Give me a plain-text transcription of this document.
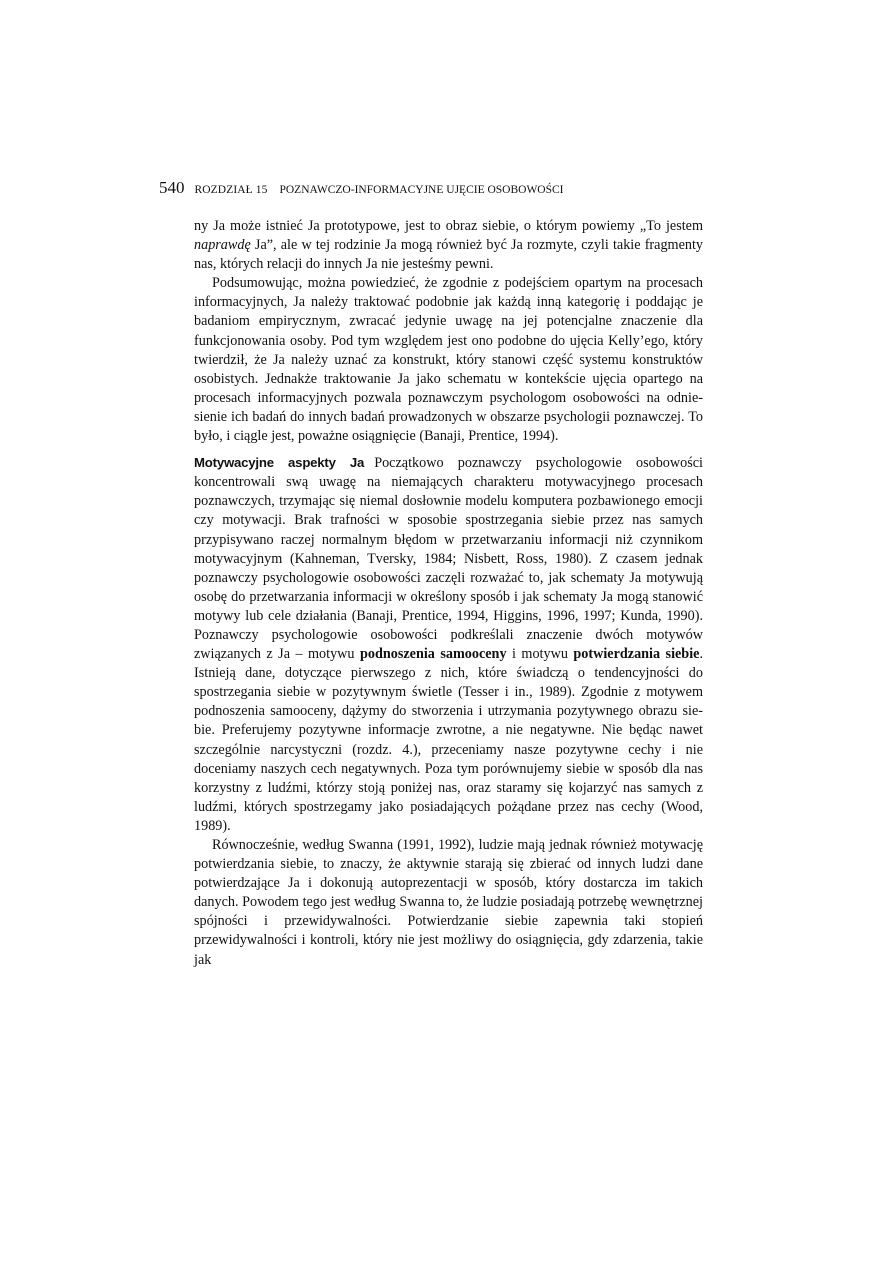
540 ROZDZIAŁ 15 POZNAWCZO-INFORMACYJNE UJĘCIE OSOBOWOŚCI

ny Ja może istnieć Ja prototypowe, jest to obraz siebie, o którym powiemy „To jestem naprawdę Ja”, ale w tej rodzinie Ja mogą również być Ja rozmyte, czyli takie fragmenty nas, których relacji do innych Ja nie jesteśmy pewni.

Podsumowując, można powiedzieć, że zgodnie z podejściem opartym na procesach informacyjnych, Ja należy traktować podobnie jak każdą inną kategorię i poddając je badaniom empirycznym, zwracać jedynie uwagę na jej potencjalne znaczenie dla funkcjonowania osoby. Pod tym względem jest ono podobne do ujęcia Kelly’ego, który twierdził, że Ja należy uznać za konstrukt, który stanowi część systemu konstruktów osobistych. Jednakże traktowanie Ja jako schematu w kontekście ujęcia opartego na procesach informacyjnych pozwala poznawczym psychologom osobowości na odniesienie ich badań do innych badań prowadzonych w obszarze psychologii poznawczej. To było, i ciągle jest, poważne osiągnięcie (Banaji, Prentice, 1994).

Motywacyjne aspekty Ja Początkowo poznawczy psychologowie osobowości koncentrowali swą uwagę na niemających charakteru motywacyjnego procesach poznawczych, trzymając się niemal dosłownie modelu komputera pozbawionego emocji czy motywacji. Brak trafności w sposobie spostrzegania siebie przez nas samych przypisywano raczej normalnym błędom w przetwarzaniu informacji niż czynnikom motywacyjnym (Kahneman, Tversky, 1984; Nisbett, Ross, 1980). Z czasem jednak poznawczy psychologowie osobowości zaczęli rozważać to, jak schematy Ja motywują osobę do przetwarzania informacji w określony sposób i jak schematy Ja mogą stanowić motywy lub cele działania (Banaji, Prentice, 1994, Higgins, 1996, 1997; Kunda, 1990). Poznawczy psychologowie osobowości podkreślali znaczenie dwóch motywów związanych z Ja – motywu podnoszenia samooceny i motywu potwierdzania siebie. Istnieją dane, dotyczące pierwszego z nich, które świadczą o tendencyjności do spostrzegania siebie w pozytywnym świetle (Tesser i in., 1989). Zgodnie z motywem podnoszenia samooceny, dążymy do stworzenia i utrzymania pozytywnego obrazu siebie. Preferujemy pozytywne informacje zwrotne, a nie negatywne. Nie będąc nawet szczególnie narcystyczni (rozdz. 4.), przeceniamy nasze pozytywne cechy i nie doceniamy naszych cech negatywnych. Poza tym porównujemy siebie w sposób dla nas korzystny z ludźmi, którzy stoją poniżej nas, oraz staramy się kojarzyć nas samych z ludźmi, których spostrzegamy jako posiadających pożądane przez nas cechy (Wood, 1989).

Równocześnie, według Swanna (1991, 1992), ludzie mają jednak również motywację potwierdzania siebie, to znaczy, że aktywnie starają się zbierać od innych ludzi dane potwierdzające Ja i dokonują autoprezentacji w sposób, który dostarcza im takich danych. Powodem tego jest według Swanna to, że ludzie posiadają potrzebę wewnętrznej spójności i przewidywalności. Potwierdzanie siebie zapewnia taki stopień przewidywalności i kontroli, który nie jest możliwy do osiągnięcia, gdy zdarzenia, takie jak
